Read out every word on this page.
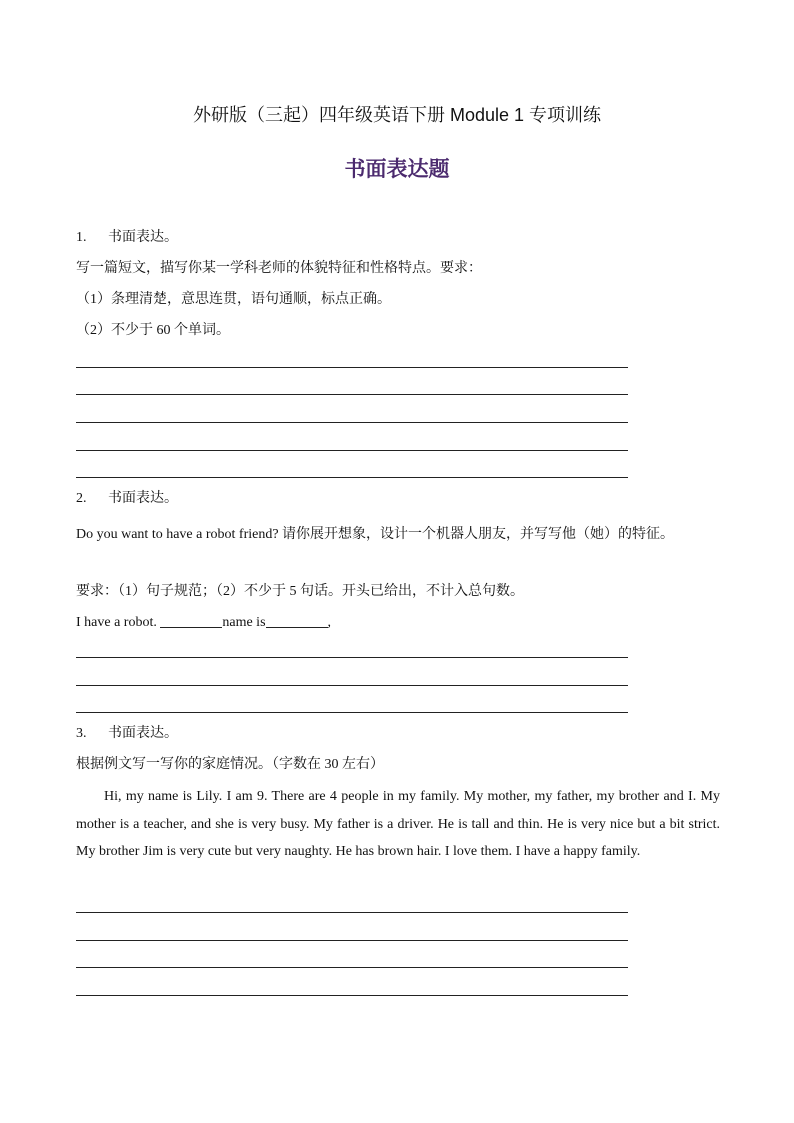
外研版（三起）四年级英语下册 Module 1 专项训练
书面表达题
1. 书面表达。
写一篇短文，描写你某一学科老师的体貌特征和性格特点。要求：
（1）条理清楚，意思连贯，语句通顺，标点正确。
（2）不少于 60 个单词。
2. 书面表达。
Do you want to have a robot friend? 请你展开想象，设计一个机器人朋友，并写写他（她）的特征。
要求：（1）句子规范；（2）不少于 5 句话。开头已给出，不计入总句数。
I have a robot.	name is	,
3. 书面表达。
根据例文写一写你的家庭情况。（字数在 30 左右）
Hi, my name is Lily. I am 9. There are 4 people in my family. My mother, my father, my brother and I. My mother is a teacher, and she is very busy. My father is a driver. He is tall and thin. He is very nice but a bit strict. My brother Jim is very cute but very naughty. He has brown hair. I love them. I have a happy family.
